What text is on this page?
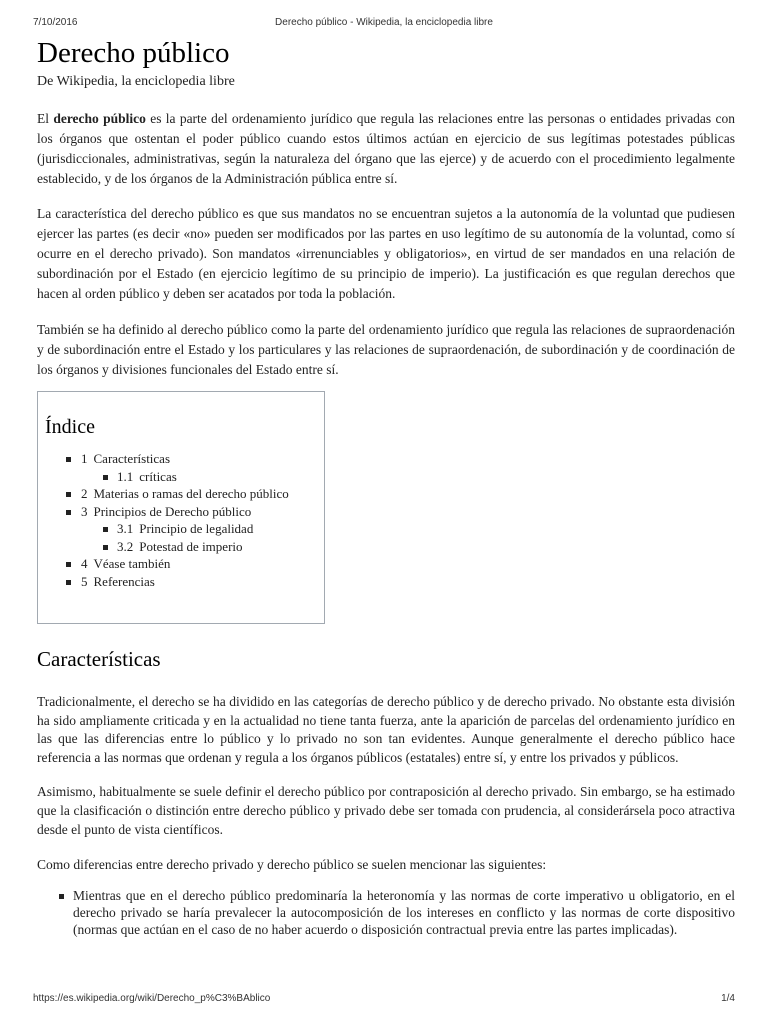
7/10/2016	Derecho público - Wikipedia, la enciclopedia libre
Derecho público
De Wikipedia, la enciclopedia libre

El derecho público es la parte del ordenamiento jurídico que regula las relaciones entre las personas o entidades privadas con los órganos que ostentan el poder público cuando estos últimos actúan en ejercicio de sus legítimas potestades públicas (jurisdiccionales, administrativas, según la naturaleza del órgano que las ejerce) y de acuerdo con el procedimiento legalmente establecido, y de los órganos de la Administración pública entre sí.

La característica del derecho público es que sus mandatos no se encuentran sujetos a la autonomía de la voluntad que pudiesen ejercer las partes (es decir «no» pueden ser modificados por las partes en uso legítimo de su autonomía de la voluntad, como sí ocurre en el derecho privado). Son mandatos «irrenunciables y obligatorios», en virtud de ser mandados en una relación de subordinación por el Estado (en ejercicio legítimo de su principio de imperio). La justificación es que regulan derechos que hacen al orden público y deben ser acatados por toda la población.

También se ha definido al derecho público como la parte del ordenamiento jurídico que regula las relaciones de supraordenación y de subordinación entre el Estado y los particulares y las relaciones de supraordenación, de subordinación y de coordinación de los órganos y divisiones funcionales del Estado entre sí.

Índice
1 Características
1.1 críticas
2 Materias o ramas del derecho público
3 Principios de Derecho público
3.1 Principio de legalidad
3.2 Potestad de imperio
4 Véase también
5 Referencias
Características

Tradicionalmente, el derecho se ha dividido en las categorías de derecho público y de derecho privado. No obstante esta división ha sido ampliamente criticada y en la actualidad no tiene tanta fuerza, ante la aparición de parcelas del ordenamiento jurídico en las que las diferencias entre lo público y lo privado no son tan evidentes. Aunque generalmente el derecho público hace referencia a las normas que ordenan y regula a los órganos públicos (estatales) entre sí, y entre los privados y públicos.

Asimismo, habitualmente se suele definir el derecho público por contraposición al derecho privado. Sin embargo, se ha estimado que la clasificación o distinción entre derecho público y privado debe ser tomada con prudencia, al considerársela poco atractiva desde el punto de vista científicos.

Como diferencias entre derecho privado y derecho público se suelen mencionar las siguientes:

Mientras que en el derecho público predominaría la heteronomía y las normas de corte imperativo u obligatorio, en el derecho privado se haría prevalecer la autocomposición de los intereses en conflicto y las normas de corte dispositivo (normas que actúan en el caso de no haber acuerdo o disposición contractual previa entre las partes implicadas).
https://es.wikipedia.org/wiki/Derecho_p%C3%BAblico	1/4
